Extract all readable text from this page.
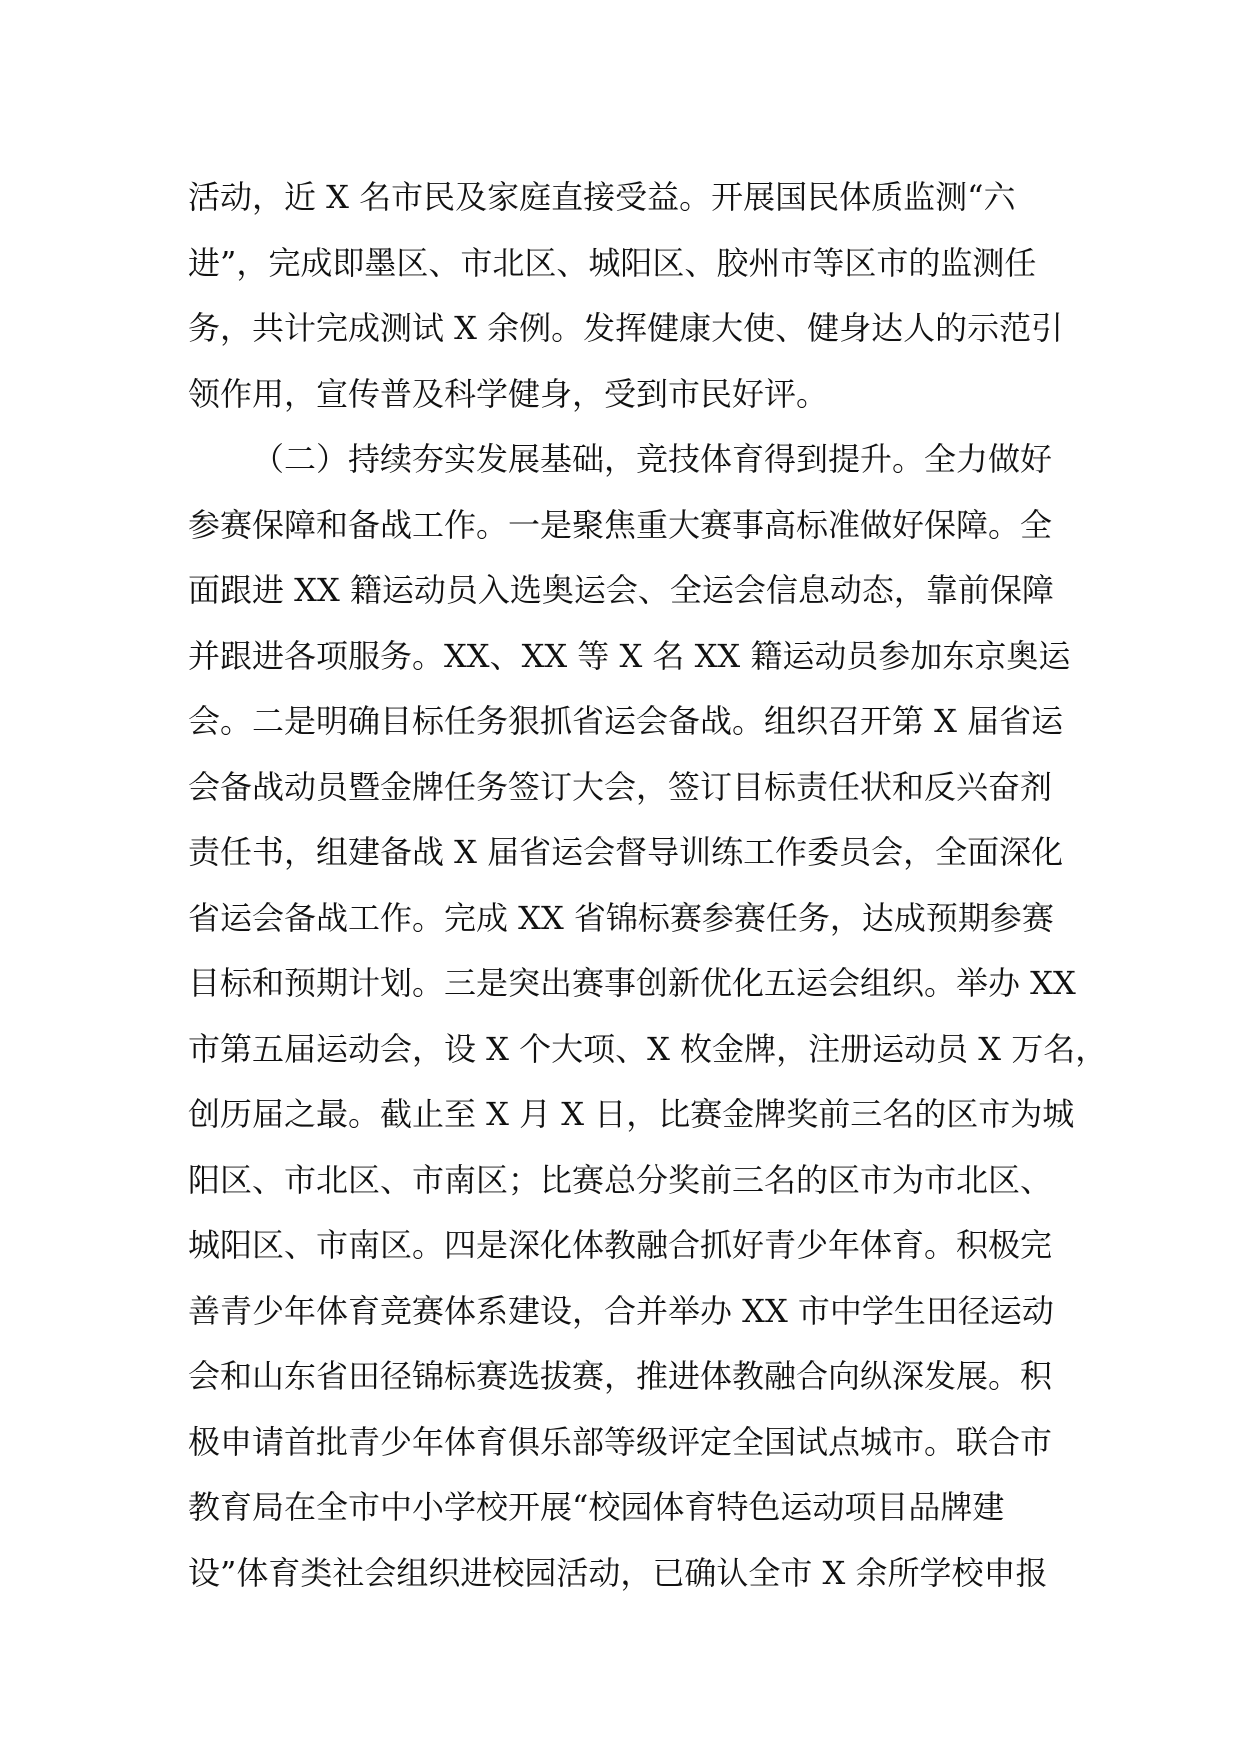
活动，近 X 名市民及家庭直接受益。开展国民体质监测“六
进”，完成即墨区、市北区、城阳区、胶州市等区市的监测任
务，共计完成测试 X 余例。发挥健康大使、健身达人的示范引
领作用，宣传普及科学健身，受到市民好评。
（二）持续夯实发展基础，竞技体育得到提升。全力做好
参赛保障和备战工作。一是聚焦重大赛事高标准做好保障。全
面跟进 XX 籍运动员入选奥运会、全运会信息动态，靠前保障
并跟进各项服务。XX、XX 等 X 名 XX 籍运动员参加东京奥运
会。二是明确目标任务狠抓省运会备战。组织召开第 X 届省运
会备战动员暨金牌任务签订大会，签订目标责任状和反兴奋剂
责任书，组建备战 X 届省运会督导训练工作委员会，全面深化
省运会备战工作。完成 XX 省锦标赛参赛任务，达成预期参赛
目标和预期计划。三是突出赛事创新优化五运会组织。举办 XX
市第五届运动会，设 X 个大项、X 枚金牌，注册运动员 X 万名，
创历届之最。截止至 X 月 X 日，比赛金牌奖前三名的区市为城
阳区、市北区、市南区；比赛总分奖前三名的区市为市北区、
城阳区、市南区。四是深化体教融合抓好青少年体育。积极完
善青少年体育竞赛体系建设，合并举办 XX 市中学生田径运动
会和山东省田径锦标赛选拔赛，推进体教融合向纵深发展。积
极申请首批青少年体育俱乐部等级评定全国试点城市。联合市
教育局在全市中小学校开展“校园体育特色运动项目品牌建
设”体育类社会组织进校园活动，已确认全市 X 余所学校申报
